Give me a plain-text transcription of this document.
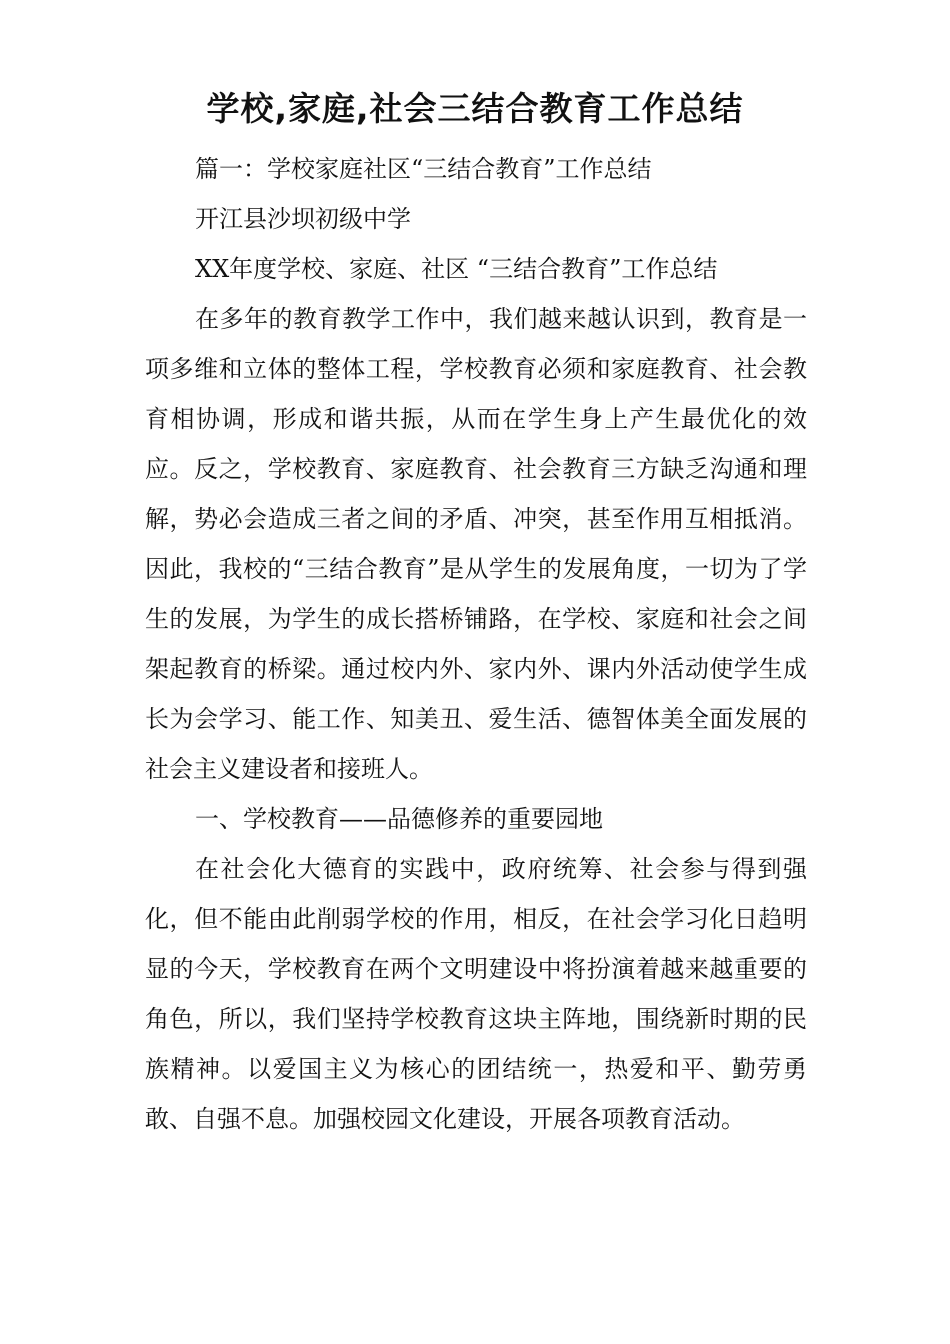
学校,家庭,社会三结合教育工作总结

篇一：学校家庭社区“三结合教育”工作总结

开江县沙坝初级中学

XX年度学校、家庭、社区 “三结合教育”工作总结

在多年的教育教学工作中，我们越来越认识到，教育是一项多维和立体的整体工程，学校教育必须和家庭教育、社会教育相协调，形成和谐共振，从而在学生身上产生最优化的效应。反之，学校教育、家庭教育、社会教育三方缺乏沟通和理解，势必会造成三者之间的矛盾、冲突，甚至作用互相抵消。因此，我校的“三结合教育”是从学生的发展角度，一切为了学生的发展，为学生的成长搭桥铺路，在学校、家庭和社会之间架起教育的桥梁。通过校内外、家内外、课内外活动使学生成长为会学习、能工作、知美丑、爱生活、德智体美全面发展的社会主义建设者和接班人。

一、学校教育——品德修养的重要园地

在社会化大德育的实践中，政府统筹、社会参与得到强化，但不能由此削弱学校的作用，相反，在社会学习化日趋明显的今天，学校教育在两个文明建设中将扮演着越来越重要的角色，所以，我们坚持学校教育这块主阵地，围绕新时期的民族精神。以爱国主义为核心的团结统一，热爱和平、勤劳勇敢、自强不息。加强校园文化建设，开展各项教育活动。
